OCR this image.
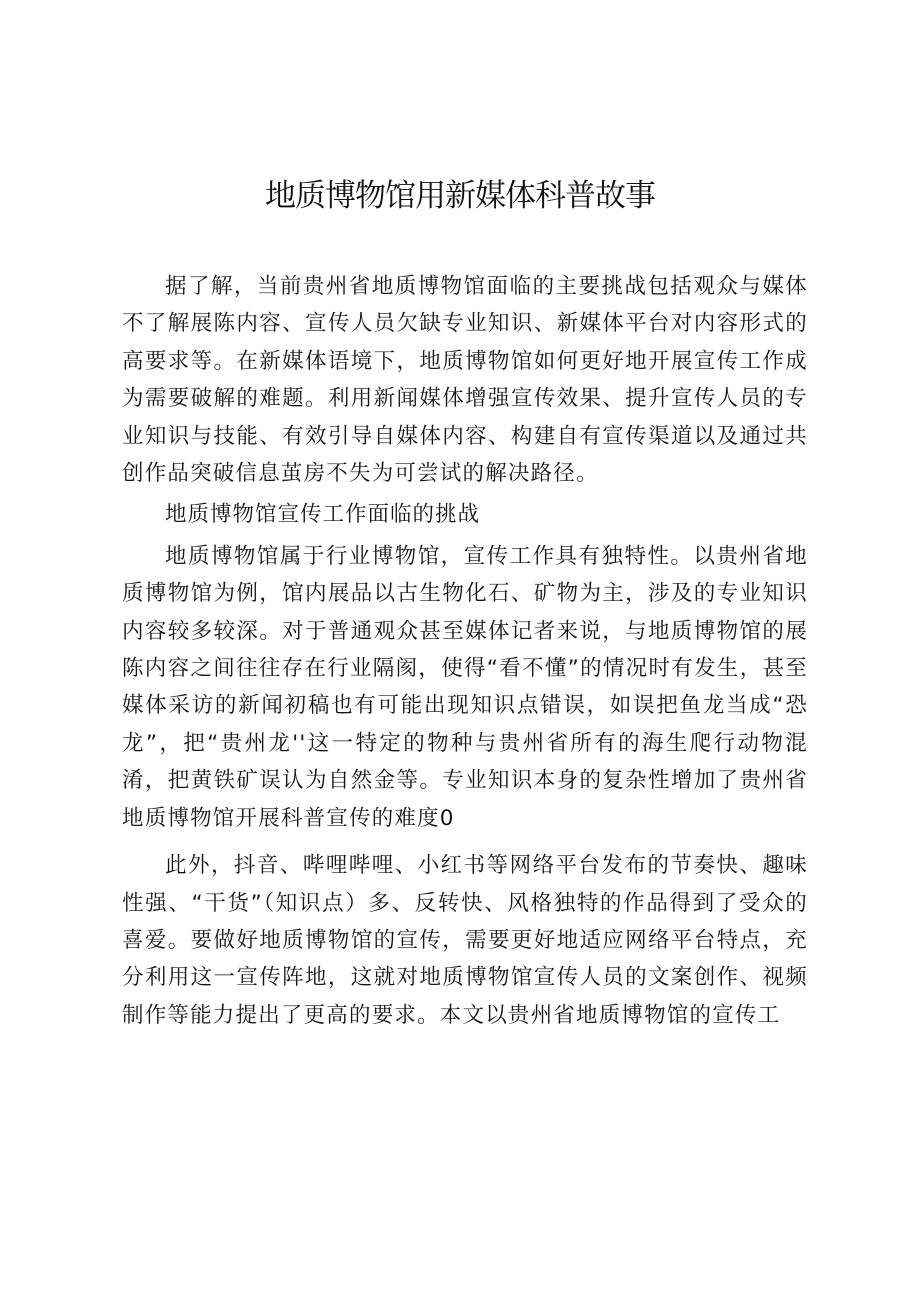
地质博物馆用新媒体科普故事

据了解，当前贵州省地质博物馆面临的主要挑战包括观众与媒体不了解展陈内容、宣传人员欠缺专业知识、新媒体平台对内容形式的高要求等。在新媒体语境下，地质博物馆如何更好地开展宣传工作成为需要破解的难题。利用新闻媒体增强宣传效果、提升宣传人员的专业知识与技能、有效引导自媒体内容、构建自有宣传渠道以及通过共创作品突破信息茧房不失为可尝试的解决路径。

地质博物馆宣传工作面临的挑战

地质博物馆属于行业博物馆，宣传工作具有独特性。以贵州省地质博物馆为例，馆内展品以古生物化石、矿物为主，涉及的专业知识内容较多较深。对于普通观众甚至媒体记者来说，与地质博物馆的展陈内容之间往往存在行业隔阂，使得“看不懂”的情况时有发生，甚至媒体采访的新闻初稿也有可能出现知识点错误，如误把鱼龙当成“恐龙”，把“贵州龙''这一特定的物种与贵州省所有的海生爬行动物混淆，把黄铁矿误认为自然金等。专业知识本身的复杂性增加了贵州省地质博物馆开展科普宣传的难度0

此外，抖音、哔哩哔哩、小红书等网络平台发布的节奏快、趣味性强、“干货”（知识点）多、反转快、风格独特的作品得到了受众的喜爱。要做好地质博物馆的宣传，需要更好地适应网络平台特点，充分利用这一宣传阵地，这就对地质博物馆宣传人员的文案创作、视频制作等能力提出了更高的要求。本文以贵州省地质博物馆的宣传工
